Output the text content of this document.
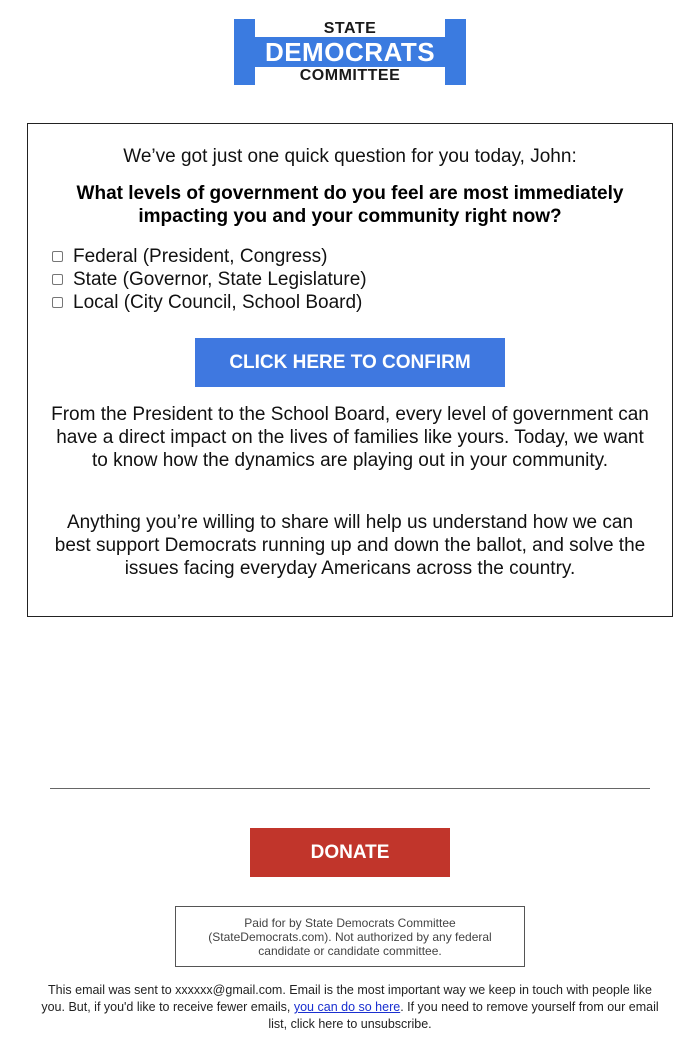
STATE
DEMOCRATS
COMMITTEE
We’ve got just one quick question for you today, John:
What levels of government do you feel are most immediately
impacting you and your community right now?
Federal (President, Congress)
State (Governor, State Legislature)
Local (City Council, School Board)
CLICK HERE TO CONFIRM
From the President to the School Board, every level of government can have a direct impact on the lives of families like yours. Today, we want to know how the dynamics are playing out in your community.
Anything you’re willing to share will help us understand how we can best support Democrats running up and down the ballot, and solve the issues facing everyday Americans across the country.
DONATE
Paid for by State Democrats Committee (StateDemocrats.com). Not authorized by any federal candidate or candidate committee.
This email was sent to xxxxxx@gmail.com. Email is the most important way we keep in touch with people like you. But, if you'd like to receive fewer emails, you can do so here. If you need to remove yourself from our email list, click here to unsubscribe.
